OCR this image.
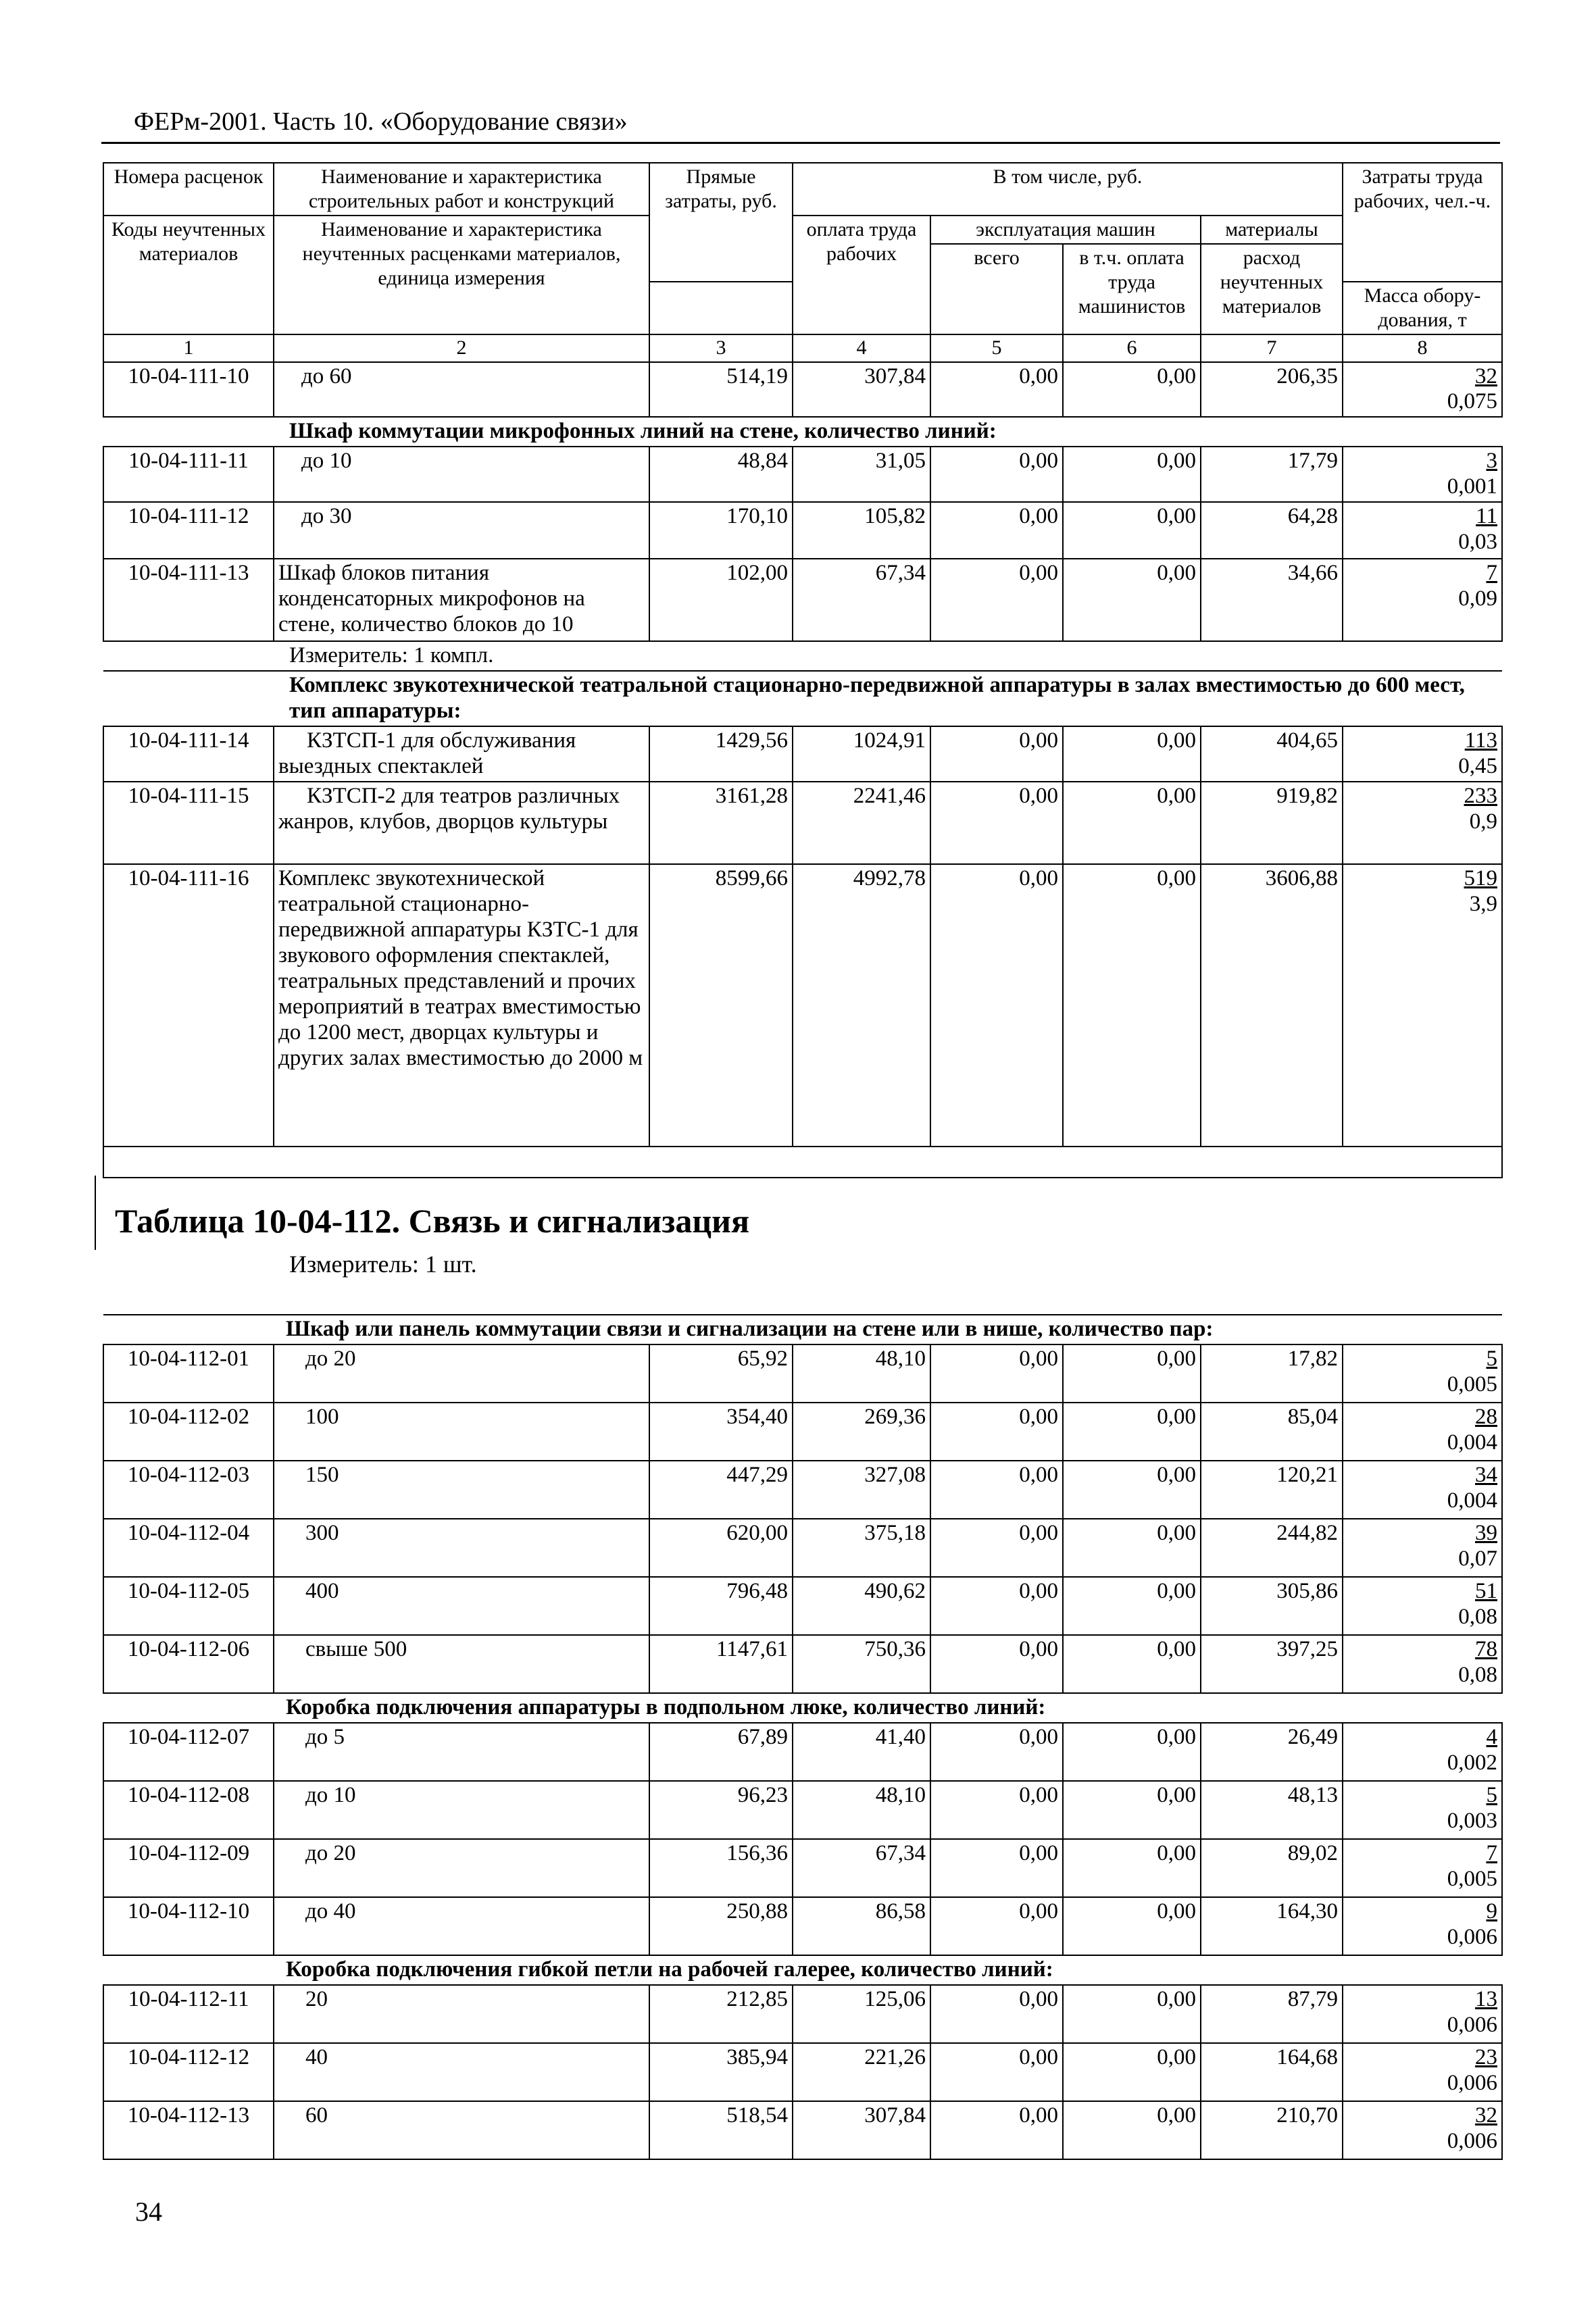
ФЕРм-2001. Часть 10. «Оборудование связи»
Номера расценок	Наименование и характеристика строительных работ и конструкций	Прямые затраты, руб.	В том числе, руб.				Затраты труда рабочих, чел.-ч.
Коды неучтенных материалов	Наименование и характеристика неучтенных расценками материалов, единица измерения		оплата труда рабочих	эксплуатация машин		материалы	
				всего	в т.ч. оплата труда машинистов	расход неучтенных материалов	
							Масса обору-дования, т
1	2	3	4	5	6	7	8
10-04-111-10	до 60	514,19	307,84	0,00	0,00	206,35	32
0,075
Шкаф коммутации микрофонных линий на стене, количество линий:							
10-04-111-11	до 10	48,84	31,05	0,00	0,00	17,79	3
0,001
10-04-111-12	до 30	170,10	105,82	0,00	0,00	64,28	11
0,03
10-04-111-13	Шкаф блоков питания конденсаторных микрофонов на стене, количество блоков до 10	102,00	67,34	0,00	0,00	34,66	7
0,09
Измеритель: 1 компл.							
Комплекс звукотехнической театральной стационарно-передвижной аппаратуры в залах вместимостью до 600 мест, тип аппаратуры:							
10-04-111-14	КЗТСП-1 для обслуживания выездных спектаклей	1429,56	1024,91	0,00	0,00	404,65	113
0,45
10-04-111-15	КЗТСП-2 для театров различных жанров, клубов, дворцов культуры	3161,28	2241,46	0,00	0,00	919,82	233
0,9
10-04-111-16	Комплекс звукотехнической театральной стационарно-передвижной аппаратуры КЗТС-1 для звукового оформления спектаклей, театральных представлений и прочих мероприятий в театрах вместимостью до 1200 мест, дворцах культуры и других залах вместимостью до 2000 м	8599,66	4992,78	0,00	0,00	3606,88	519
3,9

Таблица 10-04-112. Связь и сигнализация
Измеритель: 1 шт.
Шкаф или панель коммутации связи и сигнализации на стене или в нише, количество пар:							
10-04-112-01	до 20	65,92	48,10	0,00	0,00	17,82	5
0,005
10-04-112-02	100	354,40	269,36	0,00	0,00	85,04	28
0,004
10-04-112-03	150	447,29	327,08	0,00	0,00	120,21	34
0,004
10-04-112-04	300	620,00	375,18	0,00	0,00	244,82	39
0,07
10-04-112-05	400	796,48	490,62	0,00	0,00	305,86	51
0,08
10-04-112-06	свыше 500	1147,61	750,36	0,00	0,00	397,25	78
0,08
Коробка подключения аппаратуры в подпольном люке, количество линий:							
10-04-112-07	до 5	67,89	41,40	0,00	0,00	26,49	4
0,002
10-04-112-08	до 10	96,23	48,10	0,00	0,00	48,13	5
0,003
10-04-112-09	до 20	156,36	67,34	0,00	0,00	89,02	7
0,005
10-04-112-10	до 40	250,88	86,58	0,00	0,00	164,30	9
0,006
Коробка подключения гибкой петли на рабочей галерее, количество линий:							
10-04-112-11	20	212,85	125,06	0,00	0,00	87,79	13
0,006
10-04-112-12	40	385,94	221,26	0,00	0,00	164,68	23
0,006
10-04-112-13	60	518,54	307,84	0,00	0,00	210,70	32
0,006
34
